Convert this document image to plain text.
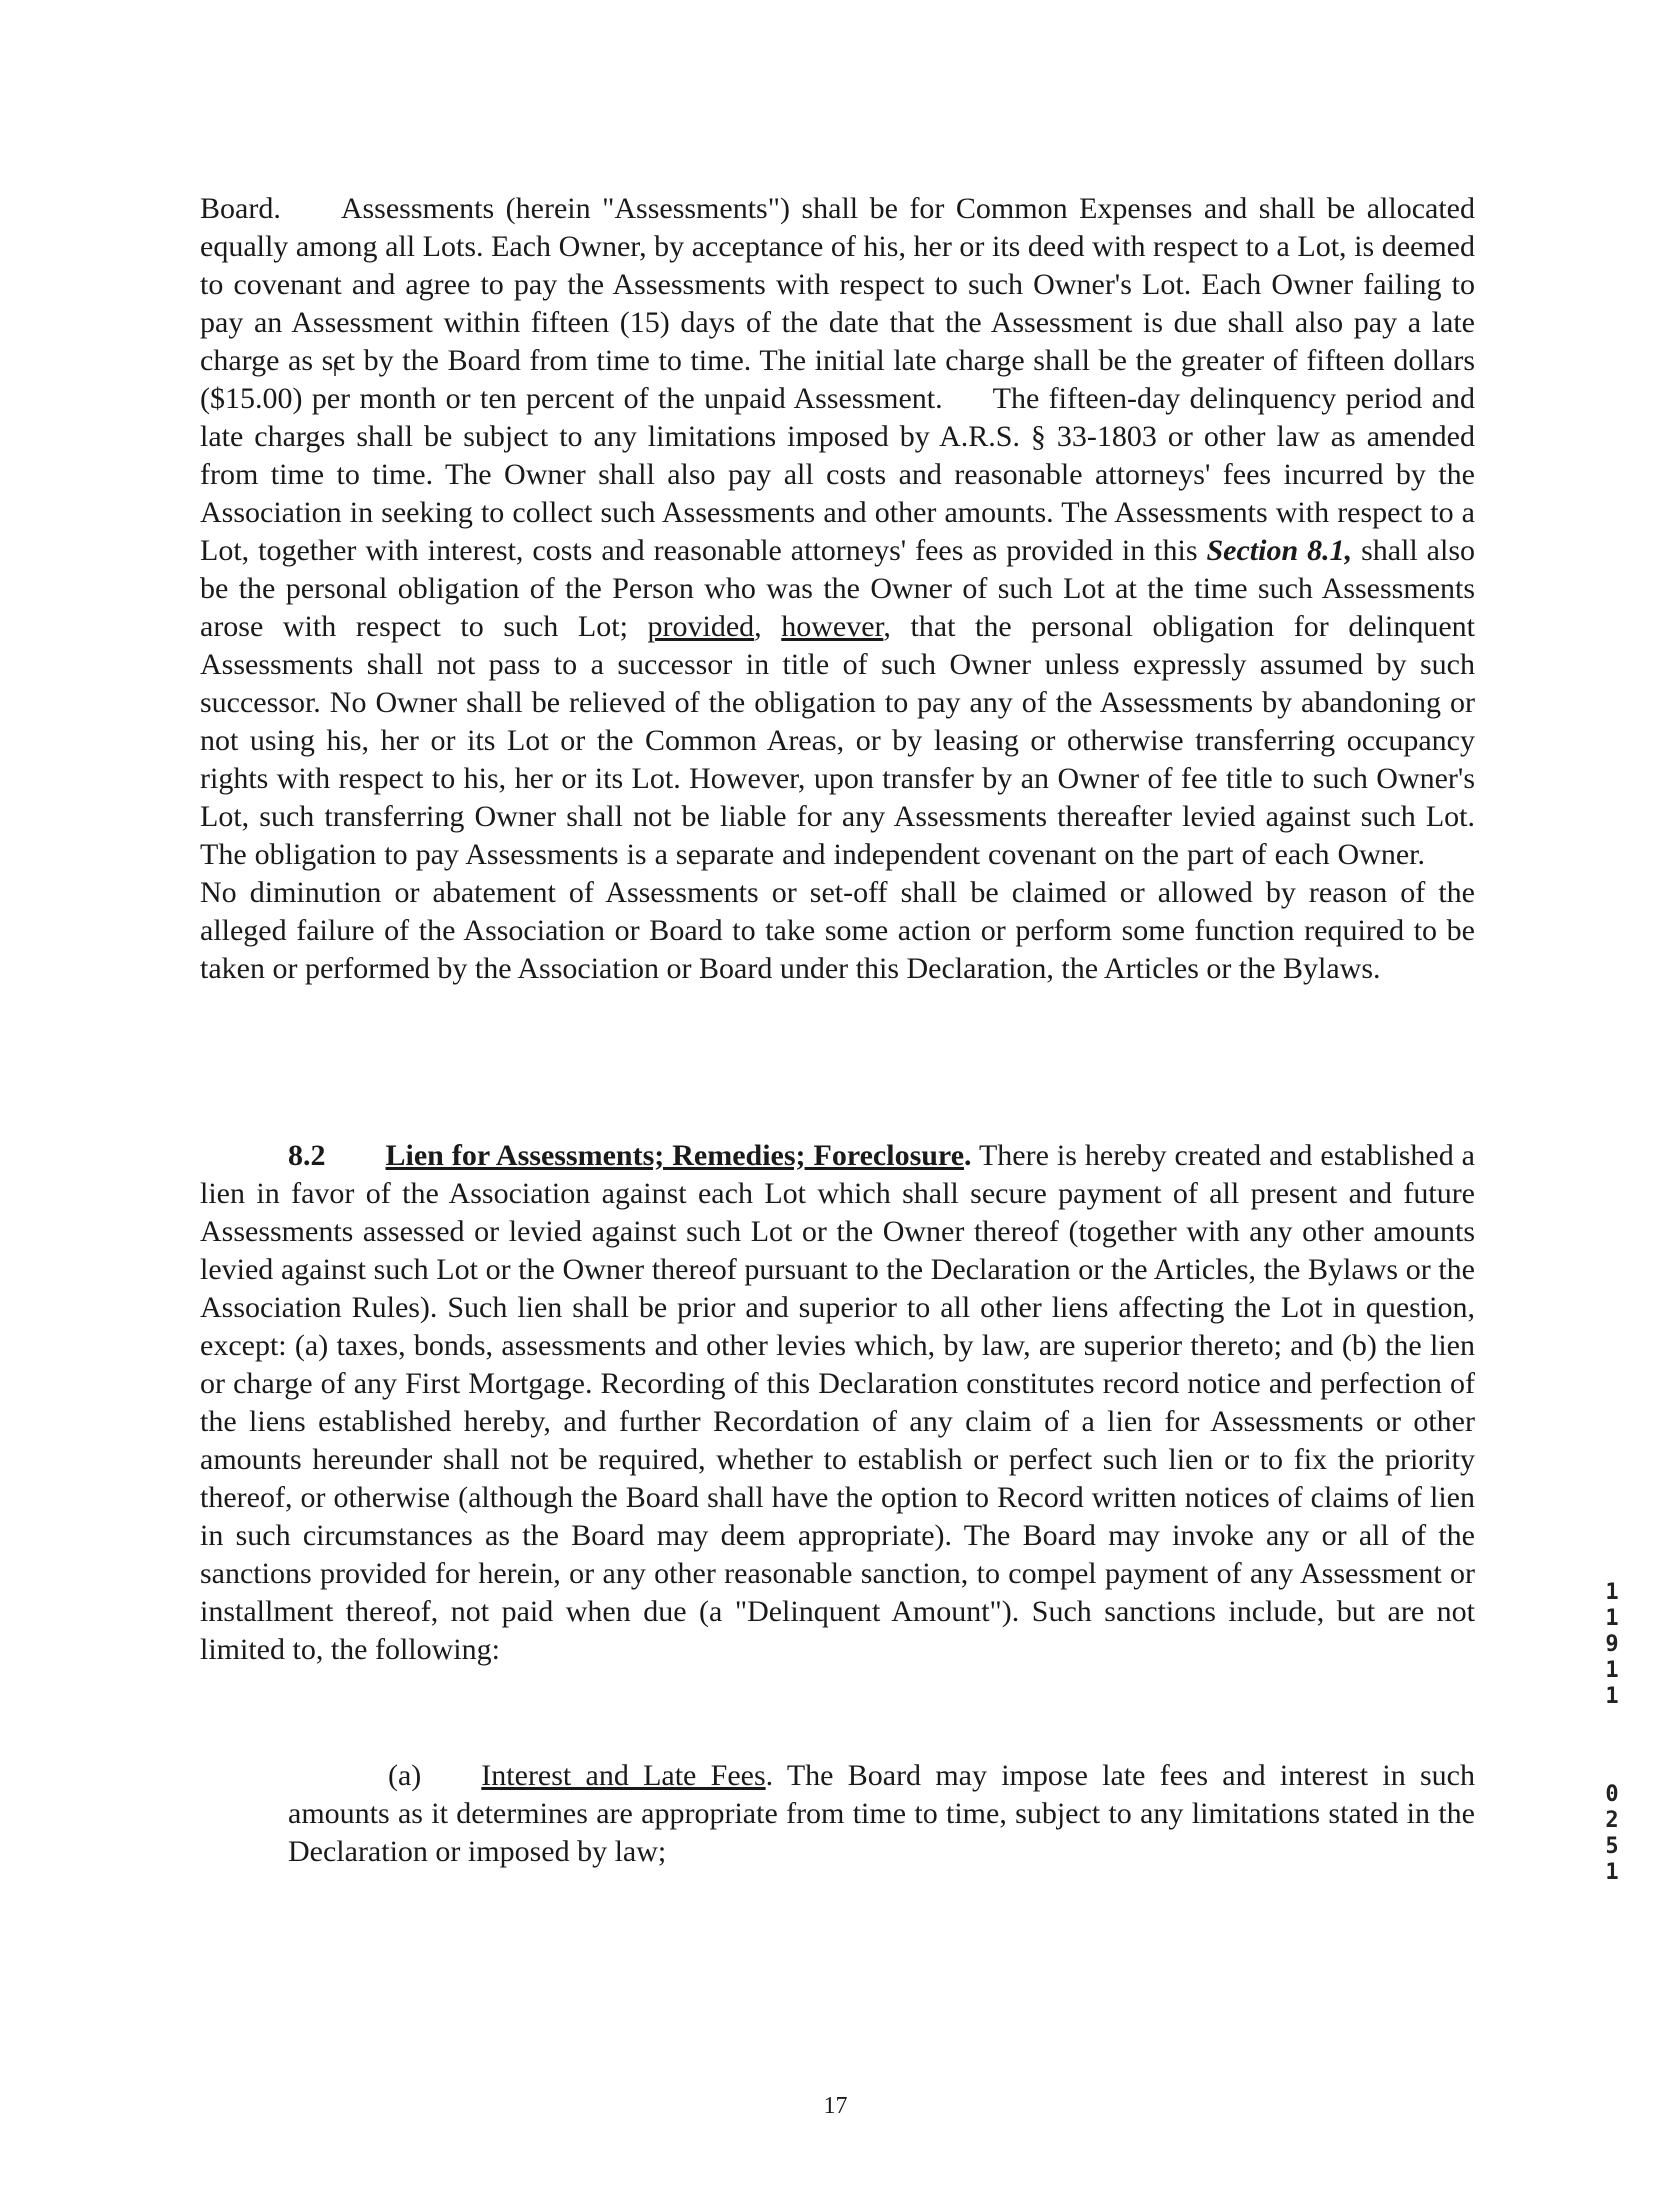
Board. Assessments (herein "Assessments") shall be for Common Expenses and shall be allocated equally among all Lots. Each Owner, by acceptance of his, her or its deed with respect to a Lot, is deemed to covenant and agree to pay the Assessments with respect to such Owner's Lot. Each Owner failing to pay an Assessment within fifteen (15) days of the date that the Assessment is due shall also pay a late charge as set by the Board from time to time. The initial late charge shall be the greater of fifteen dollars ($15.00) per month or ten percent of the unpaid Assessment. The fifteen-day delinquency period and late charges shall be subject to any limitations imposed by A.R.S. § 33-1803 or other law as amended from time to time. The Owner shall also pay all costs and reasonable attorneys' fees incurred by the Association in seeking to collect such Assessments and other amounts. The Assessments with respect to a Lot, together with interest, costs and reasonable attorneys' fees as provided in this Section 8.1, shall also be the personal obligation of the Person who was the Owner of such Lot at the time such Assessments arose with respect to such Lot; provided, however, that the personal obligation for delinquent Assessments shall not pass to a successor in title of such Owner unless expressly assumed by such successor. No Owner shall be relieved of the obligation to pay any of the Assessments by abandoning or not using his, her or its Lot or the Common Areas, or by leasing or otherwise transferring occupancy rights with respect to his, her or its Lot. However, upon transfer by an Owner of fee title to such Owner's Lot, such transferring Owner shall not be liable for any Assessments thereafter levied against such Lot. The obligation to pay Assessments is a separate and independent covenant on the part of each Owner.No diminution or abatement of Assessments or set-off shall be claimed or allowed by reason of the alleged failure of the Association or Board to take some action or perform some function required to be taken or performed by the Association or Board under this Declaration, the Articles or the Bylaws.
8.2 Lien for Assessments; Remedies; Foreclosure. There is hereby created and established a lien in favor of the Association against each Lot which shall secure payment of all present and future Assessments assessed or levied against such Lot or the Owner thereof (together with any other amounts levied against such Lot or the Owner thereof pursuant to the Declaration or the Articles, the Bylaws or the Association Rules). Such lien shall be prior and superior to all other liens affecting the Lot in question, except: (a) taxes, bonds, assessments and other levies which, by law, are superior thereto; and (b) the lien or charge of any First Mortgage. Recording of this Declaration constitutes record notice and perfection of the liens established hereby, and further Recordation of any claim of a lien for Assessments or other amounts hereunder shall not be required, whether to establish or perfect such lien or to fix the priority thereof, or otherwise (although the Board shall have the option to Record written notices of claims of lien in such circumstances as the Board may deem appropriate). The Board may invoke any or all of the sanctions provided for herein, or any other reasonable sanction, to compel payment of any Assessment or installment thereof, not paid when due (a "Delinquent Amount"). Such sanctions include, but are not limited to, the following:
(a) Interest and Late Fees. The Board may impose late fees and interest in such amounts as it determines are appropriate from time to time, subject to any limitations stated in the Declaration or imposed by law;
17
1
1
9
1
1
0
2
5
1
